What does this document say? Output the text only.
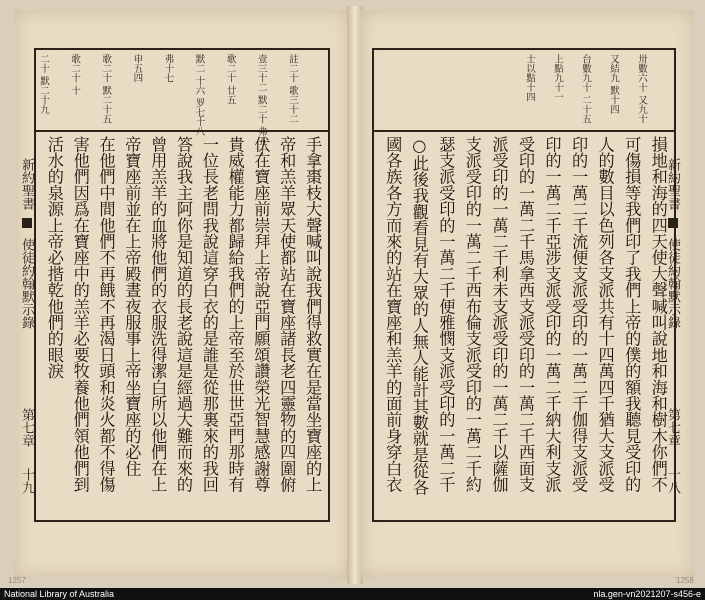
註二十 歌三十二
壹三十二 默二十 弗五十
歌二十 廿五
默二 十六 罗七十八
弗十七
申五四
歌二十 默二十五
歌二十 十
二十 默二十九
手拿棗枝大聲喊叫說我們得救實在是當坐寶座的上
帝和羔羊眾天使都站在寶座諸長老四靈物的四圍俯
伏在寶座前崇拜上帝說亞門願頌讚榮光智慧感謝尊
貴威權能力都歸給我們的上帝至於世世亞門那時有
一位長老問我說這穿白衣的是誰是從那裏來的我回
答說我主阿你是知道的長老說這是經過大難而來的
曾用羔羊的血將他們的衣服洗得潔白所以他們在上
帝寶座前並在上帝殿晝夜服事上帝坐寶座的必住
在他們中間他們不再餓不再渴日頭和炎火都不得傷
害他們因爲在寶座中的羔羊必要牧養他們領他們到
活水的泉源上帝必揩乾他們的眼淚
新約聖書
使徒約翰默示錄
第七章
十九
卅數六十 又九十
又結九 默十四
台數九十 二十五
上點九十一
士以點十四
損地和海的四天使大聲喊叫說地和海和樹木你們不
可傷損等我們印了我們上帝的僕的額我聽見受印的
人的數目以色列各支派共有十四萬四千猶大支派受
印的一萬二千流便支派受印的一萬二千伽得支派受
印的一萬二千亞涉支派受印的一萬二千納大利支派
受印的一萬二千馬拿西支派受印的一萬二千西面支
派受印的一萬二千利未支派受印的一萬二千以薩伽
支派受印的一萬二千西布倫支派受印的一萬二千約
瑟支派受印的一萬二千便雅憫支派受印的一萬二千
○此後我觀看見有大眾的人無人能計其數就是從各
國各族各方而來的站在寶座和羔羊的面前身穿白衣	新約聖書
使徒約翰默示錄
第七章
十八
1257	1258
National Library of Australia	nla.gen-vn2021207-s456-e
